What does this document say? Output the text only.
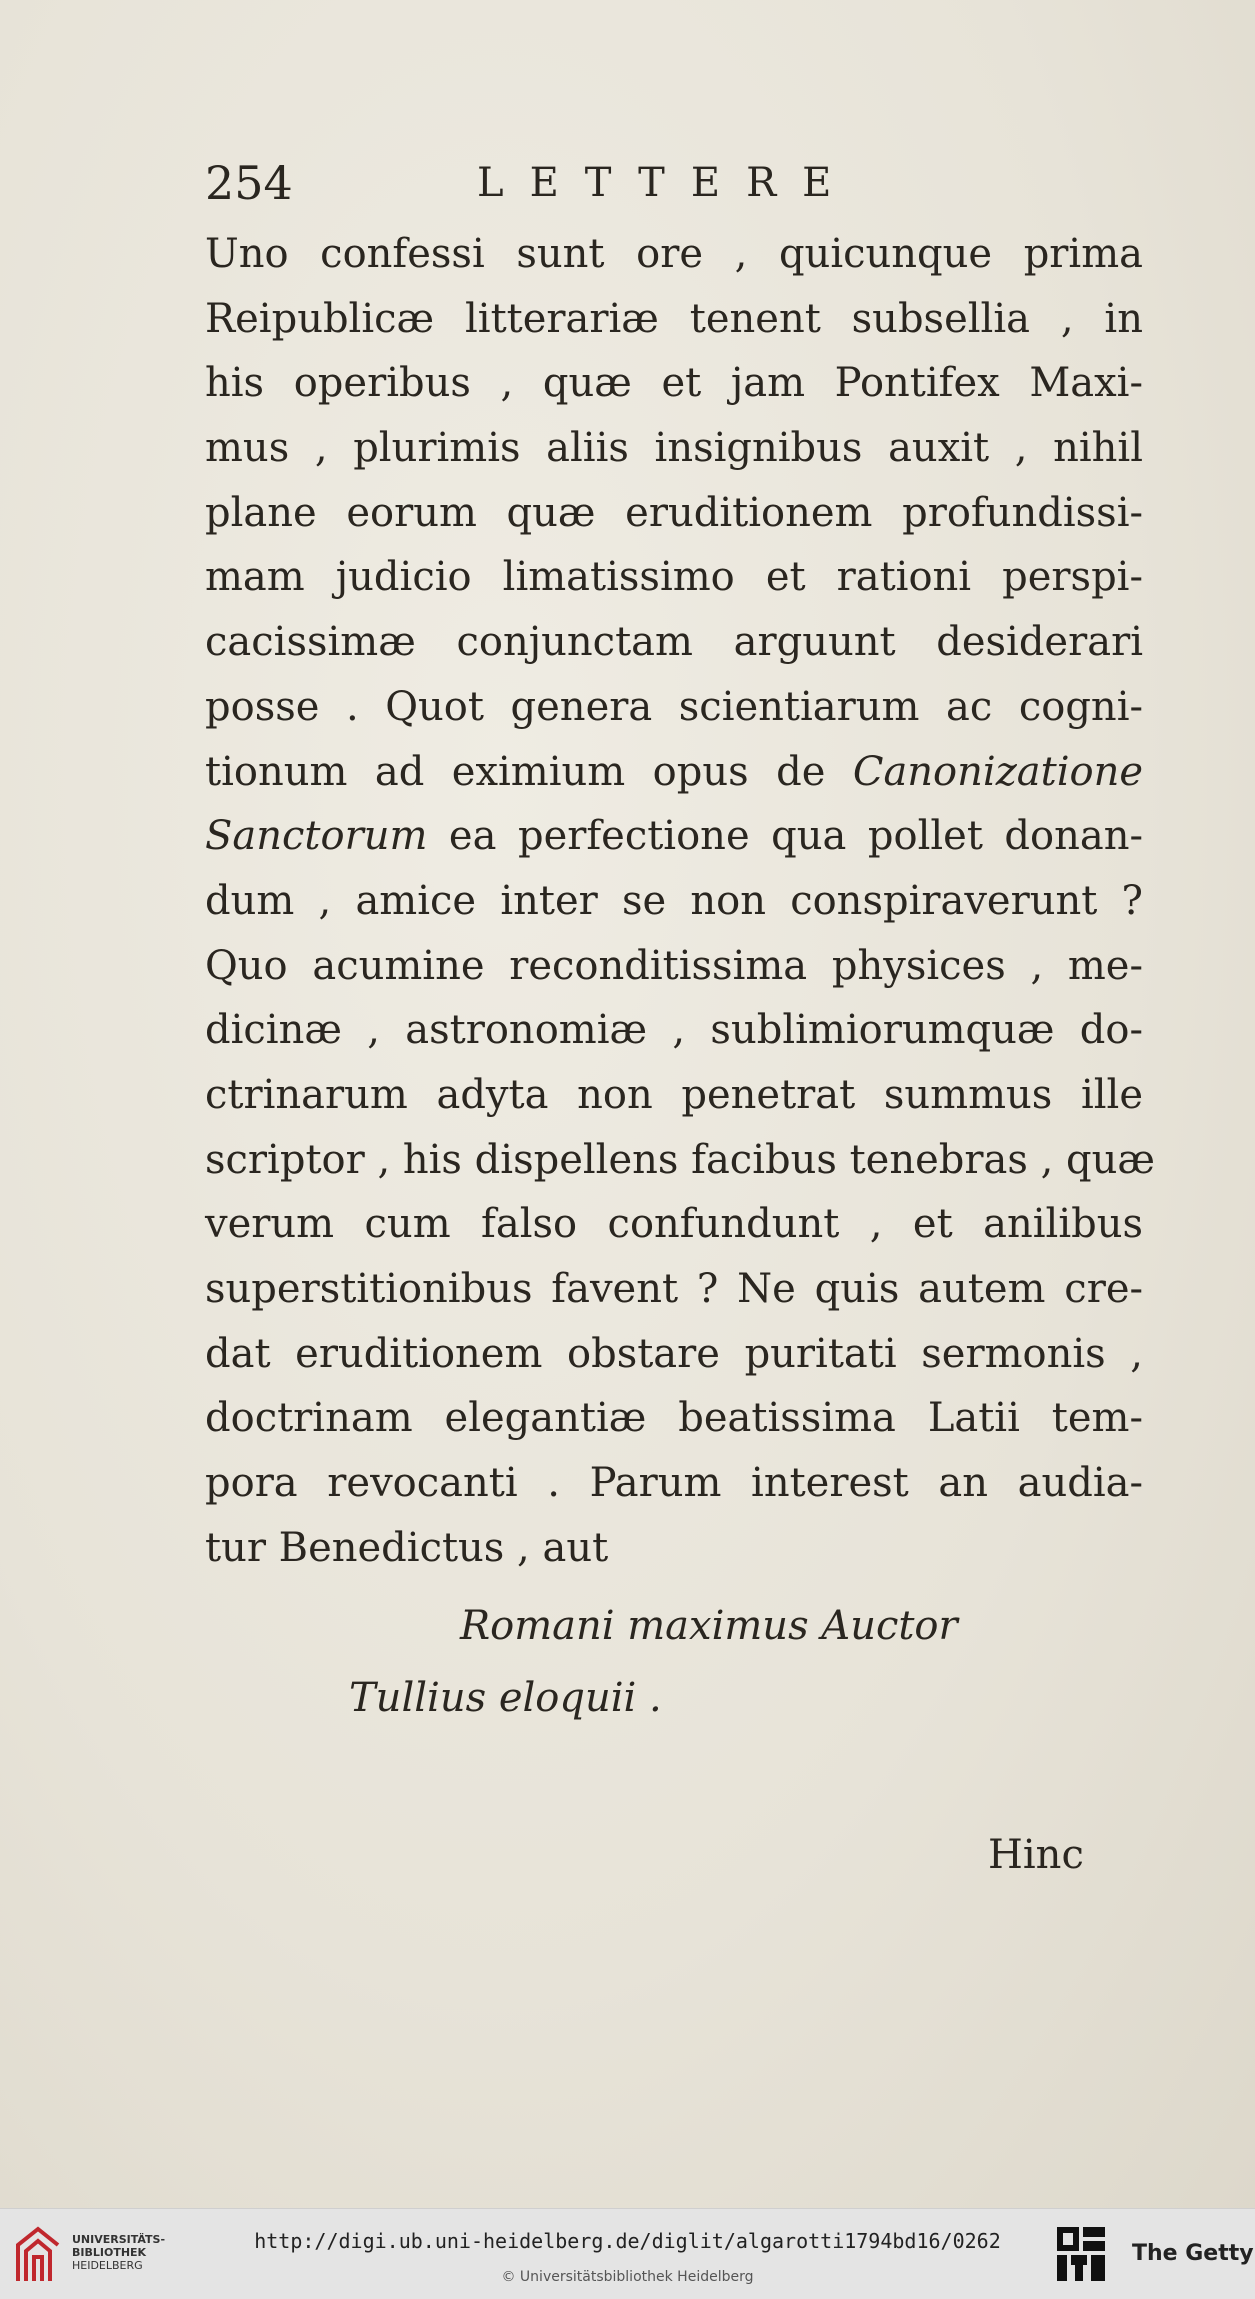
254	LETTERE
Uno confessi sunt ore , quicunque prima
Reipublicæ litterariæ tenent subsellia , in
his operibus , quæ et jam Pontifex Maxi-
mus , plurimis aliis insignibus auxit , nihil
plane eorum quæ eruditionem profundissi-
mam judicio limatissimo et rationi perspi-
cacissimæ conjunctam arguunt desiderari
posse . Quot genera scientiarum ac cogni-
tionum ad eximium opus de Canonizatione
Sanctorum ea perfectione qua pollet donan-
dum , amice inter se non conspiraverunt ?
Quo acumine reconditissima physices , me-
dicinæ , astronomiæ , sublimiorumquæ do-
ctrinarum adyta non penetrat summus ille
scriptor , his dispellens facibus tenebras , quæ
verum cum falso confundunt , et anilibus
superstitionibus favent ? Ne quis autem cre-
dat eruditionem obstare puritati sermonis ,
doctrinam elegantiæ beatissima Latii tem-
pora revocanti . Parum interest an audia-
tur Benedictus , aut
Romani maximus Auctor
Tullius eloquii .
Hinc
UNIVERSITÄTS-
BIBLIOTHEK
HEIDELBERG
http://digi.ub.uni-heidelberg.de/diglit/algarotti1794bd16/0262
© Universitätsbibliothek Heidelberg
The Getty
